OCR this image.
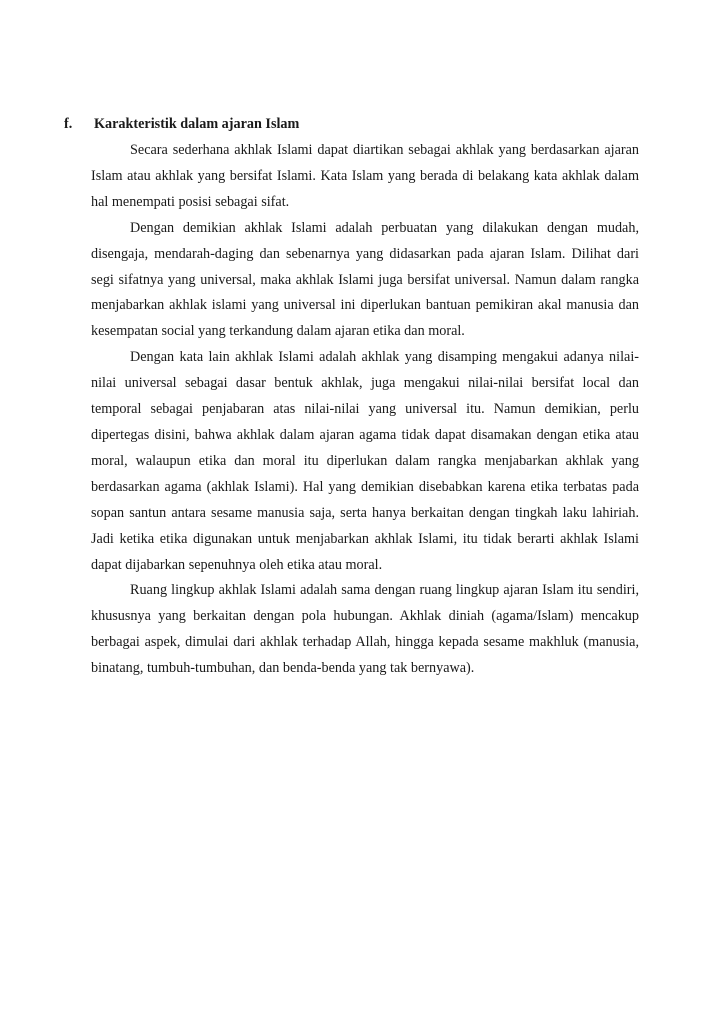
f. Karakteristik dalam ajaran Islam

Secara sederhana akhlak Islami dapat diartikan sebagai akhlak yang berdasarkan ajaran Islam atau akhlak yang bersifat Islami. Kata Islam yang berada di belakang kata akhlak dalam hal menempati posisi sebagai sifat.

Dengan demikian akhlak Islami adalah perbuatan yang dilakukan dengan mudah, disengaja, mendarah-daging dan sebenarnya yang didasarkan pada ajaran Islam. Dilihat dari segi sifatnya yang universal, maka akhlak Islami juga bersifat universal. Namun dalam rangka menjabarkan akhlak islami yang universal ini diperlukan bantuan pemikiran akal manusia dan kesempatan social yang terkandung dalam ajaran etika dan moral.

Dengan kata lain akhlak Islami adalah akhlak yang disamping mengakui adanya nilai-nilai universal sebagai dasar bentuk akhlak, juga mengakui nilai-nilai bersifat local dan temporal sebagai penjabaran atas nilai-nilai yang universal itu. Namun demikian, perlu dipertegas disini, bahwa akhlak dalam ajaran agama tidak dapat disamakan dengan etika atau moral, walaupun etika dan moral itu diperlukan dalam rangka menjabarkan akhlak yang berdasarkan agama (akhlak Islami). Hal yang demikian disebabkan karena etika terbatas pada sopan santun antara sesame manusia saja, serta hanya berkaitan dengan tingkah laku lahiriah. Jadi ketika etika digunakan untuk menjabarkan akhlak Islami, itu tidak berarti akhlak Islami dapat dijabarkan sepenuhnya oleh etika atau moral.

Ruang lingkup akhlak Islami adalah sama dengan ruang lingkup ajaran Islam itu sendiri, khususnya yang berkaitan dengan pola hubungan. Akhlak diniah (agama/Islam) mencakup berbagai aspek, dimulai dari akhlak terhadap Allah, hingga kepada sesame makhluk (manusia, binatang, tumbuh-tumbuhan, dan benda-benda yang tak bernyawa).
